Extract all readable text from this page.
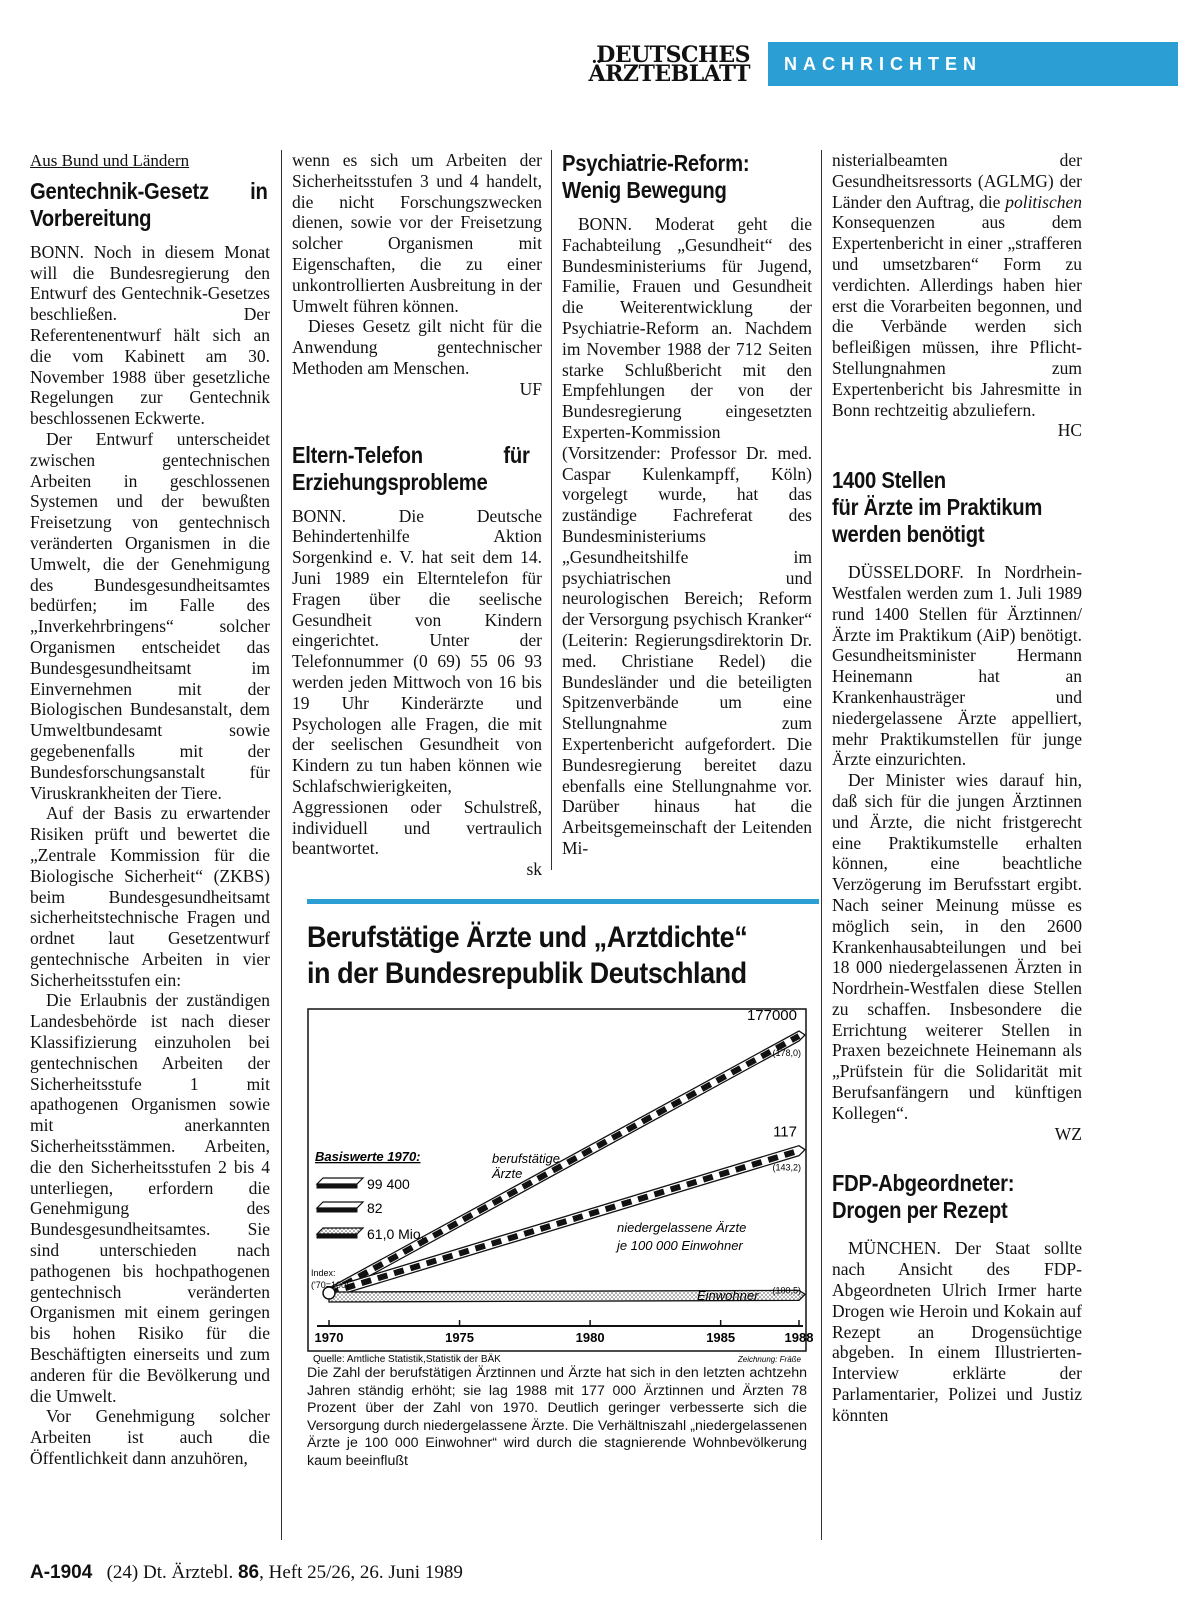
DEUTSCHES
ÄRZTEBLATT	NACHRICHTEN
Aus Bund und Ländern
Gentechnik-Gesetz in Vorbereitung

BONN. Noch in diesem Monat will die Bundesregierung den Entwurf des Gentechnik-Gesetzes beschließen. Der Referentenentwurf hält sich an die vom Kabinett am 30. November 1988 über gesetzliche Regelungen zur Gentechnik beschlossenen Eckwerte.

Der Entwurf unterscheidet zwischen gentechnischen Arbeiten in geschlossenen Systemen und der bewußten Freisetzung von gentechnisch veränderten Organismen in die Umwelt, die der Genehmigung des Bundesgesundheitsamtes bedürfen; im Falle des „Inverkehrbringens“ solcher Organismen entscheidet das Bundesgesundheitsamt im Einvernehmen mit der Biologischen Bundesanstalt, dem Umweltbundesamt sowie gegebenenfalls mit der Bundesforschungsanstalt für Viruskrankheiten der Tiere.

Auf der Basis zu erwartender Risiken prüft und bewertet die „Zentrale Kommission für die Biologische Sicherheit“ (ZKBS) beim Bundesgesundheitsamt sicherheitstechnische Fragen und ordnet laut Gesetzentwurf gentechnische Arbeiten in vier Sicherheitsstufen ein:

Die Erlaubnis der zuständigen Landesbehörde ist nach dieser Klassifizierung einzuholen bei gentechnischen Arbeiten der Sicherheitsstufe 1 mit apathogenen Organismen sowie mit anerkannten Sicherheitsstämmen. Arbeiten, die den Sicherheitsstufen 2 bis 4 unterliegen, erfordern die Genehmigung des Bundesgesundheitsamtes. Sie sind unterschieden nach pathogenen bis hochpathogenen gentechnisch veränderten Organismen mit einem geringen bis hohen Risiko für die Beschäftigten einerseits und zum anderen für die Bevölkerung und die Umwelt.

Vor Genehmigung solcher Arbeiten ist auch die Öffentlichkeit dann anzuhören,

wenn es sich um Arbeiten der Sicherheitsstufen 3 und 4 handelt, die nicht Forschungszwecken dienen, sowie vor der Freisetzung solcher Organismen mit Eigenschaften, die zu einer unkontrollierten Ausbreitung in der Umwelt führen können.

Dieses Gesetz gilt nicht für die Anwendung gentechnischer Methoden am Menschen.

UF
Eltern-Telefon für Erziehungsprobleme

BONN. Die Deutsche Behindertenhilfe Aktion Sorgenkind e. V. hat seit dem 14. Juni 1989 ein Elterntelefon für Fragen über die seelische Gesundheit von Kindern eingerichtet. Unter der Telefonnummer (0 69) 55 06 93 werden jeden Mittwoch von 16 bis 19 Uhr Kinderärzte und Psychologen alle Fragen, die mit der seelischen Gesundheit von Kindern zu tun haben können wie Schlafschwierigkeiten, Aggressionen oder Schulstreß, individuell und vertraulich beantwortet.

sk
Psychiatrie-Reform: Wenig Bewegung

BONN. Moderat geht die Fachabteilung „Gesundheit“ des Bundesministeriums für Jugend, Familie, Frauen und Gesundheit die Weiterentwicklung der Psychiatrie-Reform an. Nachdem im November 1988 der 712 Seiten starke Schlußbericht mit den Empfehlungen der von der Bundesregierung eingesetzten Experten-Kommission (Vorsitzender: Professor Dr. med. Caspar Kulenkampff, Köln) vorgelegt wurde, hat das zuständige Fachreferat des Bundesministeriums „Gesundheitshilfe im psychiatrischen und neurologischen Bereich; Reform der Versorgung psychisch Kranker“ (Leiterin: Regierungsdirektorin Dr. med. Christiane Redel) die Bundesländer und die beteiligten Spitzenverbände um eine Stellungnahme zum Expertenbericht aufgefordert. Die Bundesregierung bereitet dazu ebenfalls eine Stellungnahme vor. Darüber hinaus hat die Arbeitsgemeinschaft der Leitenden Mi-

nisterialbeamten der Gesundheitsressorts (AGLMG) der Länder den Auftrag, die politischen Konsequenzen aus dem Expertenbericht in einer „strafferen und umsetzbaren“ Form zu verdichten. Allerdings haben hier erst die Vorarbeiten begonnen, und die Verbände werden sich befleißigen müssen, ihre Pflicht-Stellungnahmen zum Expertenbericht bis Jahresmitte in Bonn rechtzeitig abzuliefern.

HC
1400 Stellen
für Ärzte im Praktikum
werden benötigt

DÜSSELDORF. In Nordrhein-Westfalen werden zum 1. Juli 1989 rund 1400 Stellen für Ärztinnen/Ärzte im Praktikum (AiP) benötigt. Gesundheitsminister Hermann Heinemann hat an Krankenhausträger und niedergelassene Ärzte appelliert, mehr Praktikumstellen für junge Ärzte einzurichten.

Der Minister wies darauf hin, daß sich für die jungen Ärztinnen und Ärzte, die nicht fristgerecht eine Praktikumstelle erhalten können, eine beachtliche Verzögerung im Berufsstart ergibt. Nach seiner Meinung müsse es möglich sein, in den 2600 Krankenhausabteilungen und bei 18 000 niedergelassenen Ärzten in Nordrhein-Westfalen diese Stellen zu schaffen. Insbesondere die Errichtung weiterer Stellen in Praxen bezeichnete Heinemann als „Prüfstein für die Solidarität mit Berufsanfängern und künftigen Kollegen“.

WZ
FDP-Abgeordneter:
Drogen per Rezept

MÜNCHEN. Der Staat sollte nach Ansicht des FDP-Abgeordneten Ulrich Irmer harte Drogen wie Heroin und Kokain auf Rezept an Drogensüchtige abgeben. In einem Illustrierten-Interview erklärte der Parlamentarier, Polizei und Justiz könnten

Berufstätige Ärzte und „Arztdichte“ in der Bundesrepublik Deutschland
1970	1975	1980	1985	1988
(178,0)
(143,2)
(100,5)
177000
117
berufstätige
Ärzte
niedergelassene Ärzte
je 100 000 Einwohner
Einwohner
Index:
('70=100)
Basiswerte 1970:
99 400
82
61,0 Mio.
Quelle: Amtliche Statistik,Statistik der BÄK	Zeichnung: Fräße
Die Zahl der berufstätigen Ärztinnen und Ärzte hat sich in den letzten achtzehn Jahren ständig erhöht; sie lag 1988 mit 177 000 Ärztinnen und Ärzten 78 Prozent über der Zahl von 1970. Deutlich geringer verbesserte sich die Versorgung durch niedergelassene Ärzte. Die Verhältniszahl „niedergelassenen Ärzte je 100 000 Einwohner“ wird durch die stagnierende Wohnbevölkerung kaum beeinflußt
A-1904 (24) Dt. Ärztebl. 86, Heft 25/26, 26. Juni 1989
